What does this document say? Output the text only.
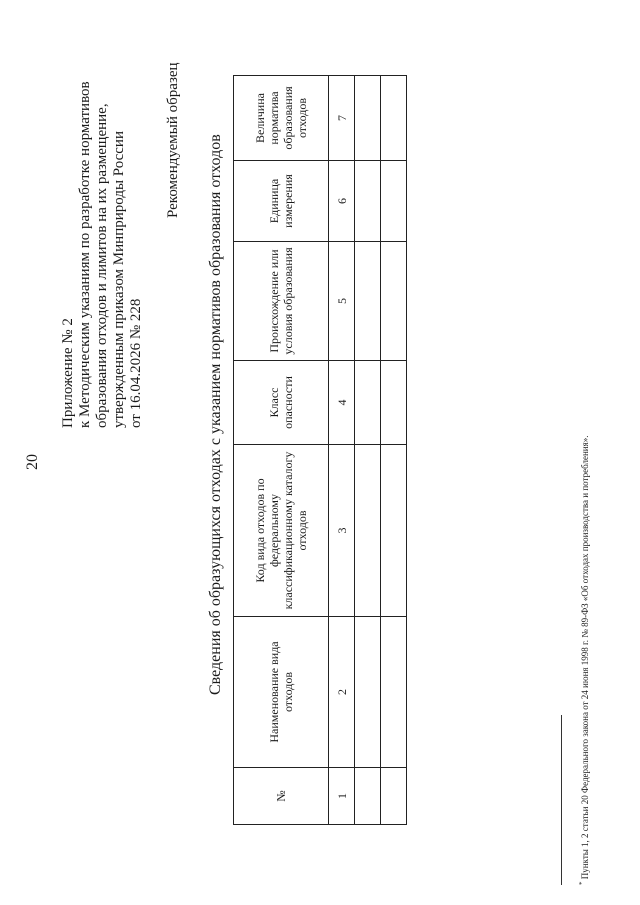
20
Приложение № 2 к Методическим указаниям по разработке нормативов образования отходов и лимитов на их размещение, утвержденным приказом Минприроды России от 16.04.2026 № 228
Рекомендуемый образец Сведения об образующихся отходах с указанием нормативов образования отходов
№	Наименование вида отходов	Код вида отходов по федеральному классификационному каталогу отходов	Класс опасности	Происхождение или условия образования	Единица измерения	Величина норматива образования отходов
1	2	3	4	5	6	7

* Пункты 1, 2 статьи 20 Федерального закона от 24 июня 1998 г. № 89-ФЗ «Об отходах производства и потребления».
